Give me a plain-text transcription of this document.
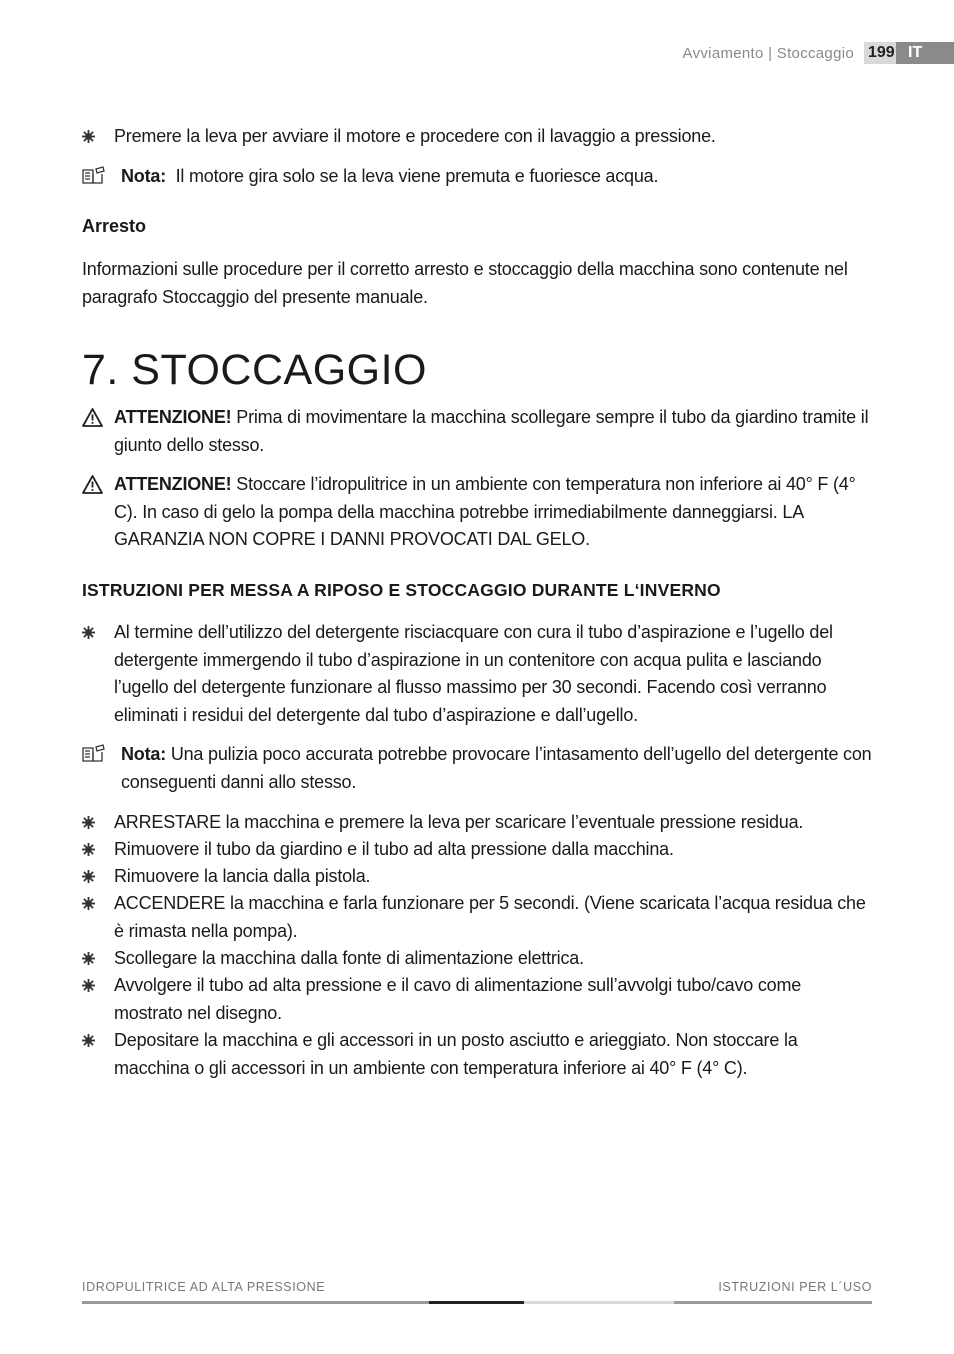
Avviamento | Stoccaggio 199 IT

Premere la leva per avviare il motore e procedere con il lavaggio a pressione.

Nota: Il motore gira solo se la leva viene premuta e fuoriesce acqua.

Arresto

Informazioni sulle procedure per il corretto arresto e stoccaggio della macchina sono contenute nel paragrafo Stoccaggio del presente manuale.

7. STOCCAGGIO

ATTENZIONE! Prima di movimentare la macchina scollegare sempre il tubo da giardino tramite il giunto dello stesso.

ATTENZIONE! Stoccare l’idropulitrice in un ambiente con temperatura non inferiore ai 40° F (4° C). In caso di gelo la pompa della macchina potrebbe irrimediabilmente danneggiarsi. LA GARANZIA NON COPRE I DANNI PROVOCATI DAL GELO.

ISTRUZIONI PER MESSA A RIPOSO E STOCCAGGIO DURANTE L‘INVERNO

Al termine dell’utilizzo del detergente risciacquare con cura il tubo d’aspirazione e l’ugello del detergente immergendo il tubo d’aspirazione in un contenitore con acqua pulita e lasciando l’ugello del detergente funzionare al flusso massimo per 30 secondi. Facendo così verranno eliminati i residui del detergente dal tubo d’aspirazione e dall’ugello.

Nota: Una pulizia poco accurata potrebbe provocare l’intasamento dell’ugello del detergente con conseguenti danni allo stesso.

ARRESTARE la macchina e premere la leva per scaricare l’eventuale pressione residua.

Rimuovere il tubo da giardino e il tubo ad alta pressione dalla macchina.

Rimuovere la lancia dalla pistola.

ACCENDERE la macchina e farla funzionare per 5 secondi. (Viene scaricata l’acqua residua che è rimasta nella pompa).

Scollegare la macchina dalla fonte di alimentazione elettrica.

Avvolgere il tubo ad alta pressione e il cavo di alimentazione sull’avvolgi tubo/cavo come mostrato nel disegno.

Depositare la macchina e gli accessori in un posto asciutto e arieggiato. Non stoccare la macchina o gli accessori in un ambiente con temperatura inferiore ai 40° F (4° C).

IDROPULITRICE AD ALTA PRESSIONE	ISTRUZIONI PER L´USO
